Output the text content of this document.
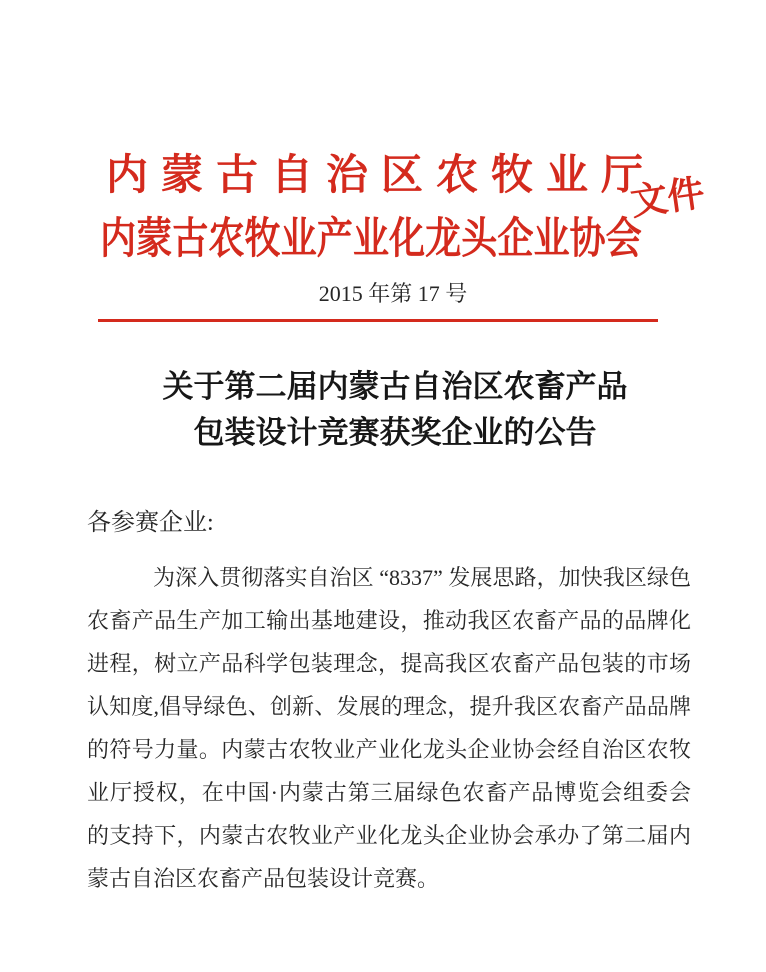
内蒙古自治区农牧业厅
内蒙古农牧业产业化龙头企业协会
文件
2015 年第 17 号
关于第二届内蒙古自治区农畜产品
包装设计竞赛获奖企业的公告

各参赛企业:

为深入贯彻落实自治区 “8337” 发展思路，加快我区绿色
农畜产品生产加工输出基地建设，推动我区农畜产品的品牌化
进程，树立产品科学包装理念，提高我区农畜产品包装的市场
认知度,倡导绿色、创新、发展的理念，提升我区农畜产品品牌
的符号力量。内蒙古农牧业产业化龙头企业协会经自治区农牧
业厅授权，在中国·内蒙古第三届绿色农畜产品博览会组委会
的支持下，内蒙古农牧业产业化龙头企业协会承办了第二届内
蒙古自治区农畜产品包装设计竞赛。
